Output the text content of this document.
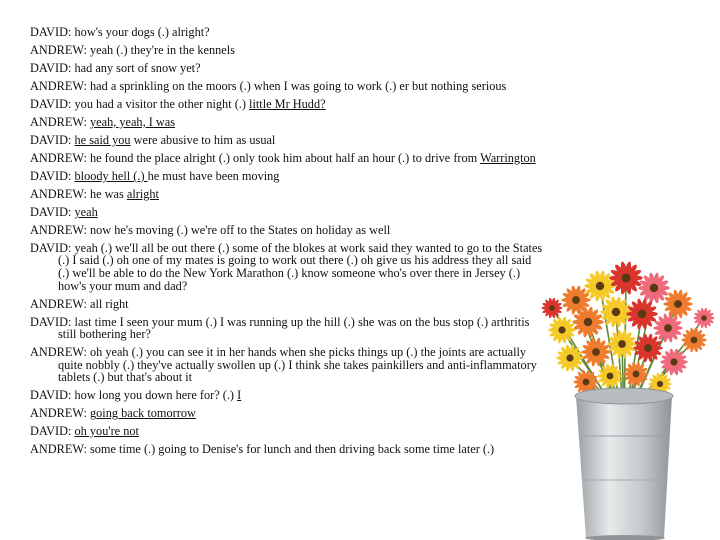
DAVID: how's your dogs (.) alright?
ANDREW: yeah (.) they're in the kennels
DAVID: had any sort of snow yet?
ANDREW: had a sprinkling on the moors (.) when I was going to work (.) er but nothing serious
DAVID: you had a visitor the other night (.) little Mr Hudd?
ANDREW: yeah, yeah, I was
DAVID: he said you were abusive to him as usual
ANDREW: he found the place alright (.) only took him about half an hour (.) to drive from Warrington
DAVID: bloody hell (.) he must have been moving
ANDREW: he was alright
DAVID: yeah
ANDREW: now he's moving (.) we're off to the States on holiday as well
DAVID: yeah (.) we'll all be out there (.) some of the blokes at work said they wanted to go to the States (.) I said (.) oh one of my mates is going to work out there (.) oh give us his address they all said (.) we'll be able to do the New York Marathon (.) know someone who's over there in Jersey (.) how's your mum and dad?
ANDREW: all right
DAVID: last time I seen your mum (.) I was running up the hill (.) she was on the bus stop (.) arthritis still bothering her?
ANDREW: oh yeah (.) you can see it in her hands when she picks things up (.) the joints are actually quite nobbly (.) they've actually swollen up (.) I think she takes painkillers and anti-inflammatory tablets (.) but that's about it
DAVID: how long you down here for? (.) I
ANDREW: going back tomorrow
DAVID: oh you're not
ANDREW: some time (.) going to Denise's for lunch and then driving back some time later (.)
